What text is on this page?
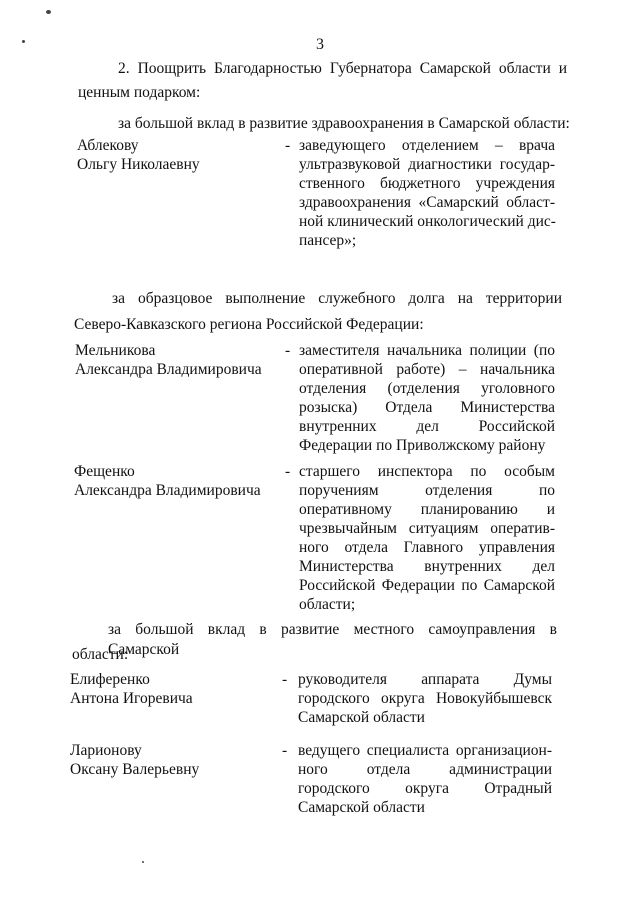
3
2. Поощрить Благодарностью Губернатора Самарской области и
ценным подарком:
за большой вклад в развитие здравоохранения в Самарской области:
Аблекову
Ольгу Николаевну
- заведующего отделением – врача
ультразвуковой диагностики государ-
ственного бюджетного учреждения
здравоохранения «Самарский област-
ной клинический онкологический дис-
пансер»;
за образцовое выполнение служебного долга на территории
Северо-Кавказского региона Российской Федерации:
Мельникова
Александра Владимировича
- заместителя начальника полиции (по
оперативной работе) – начальника
отделения (отделения уголовного
розыска) Отдела Министерства
внутренних дел Российской
Федерации по Приволжскому району
Фещенко
Александра Владимировича
- старшего инспектора по особым
поручениям отделения по
оперативному планированию и
чрезвычайным ситуациям оператив-
ного отдела Главного управления
Министерства внутренних дел
Российской Федерации по Самарской
области;
за большой вклад в развитие местного самоуправления в Самарской
области:
Елиференко
Антона Игоревича
- руководителя аппарата Думы
городского округа Новокуйбышевск
Самарской области
Ларионову
Оксану Валерьевну
- ведущего специалиста организацион-
ного отдела администрации
городского округа Отрадный
Самарской области
